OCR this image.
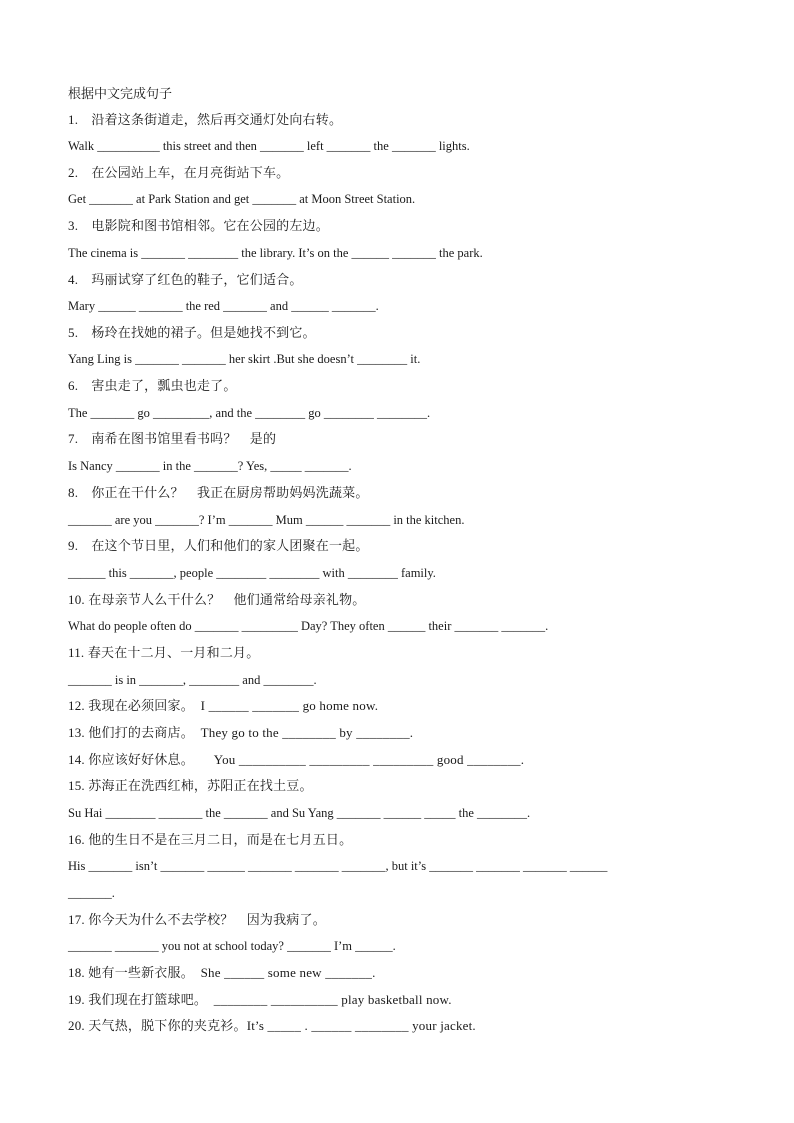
根据中文完成句子
1.　沿着这条街道走，然后再交通灯处向右转。
Walk __________ this street and then _______ left _______ the _______ lights.
2.　在公园站上车，在月亮街站下车。
Get _______ at Park Station and get _______ at Moon Street Station.
3.　电影院和图书馆相邻。它在公园的左边。
The cinema is _______ ________ the library. It’s on the ______ _______ the park.
4.　玛丽试穿了红色的鞋子，它们适合。
Mary ______ _______ the red _______ and ______ _______.
5.　杨玲在找她的裙子。但是她找不到它。
Yang Ling is _______ _______ her skirt .But she doesn’t ________ it.
6.　害虫走了，瓢虫也走了。
The _______ go _________, and the ________ go ________ ________.
7.　南希在图书馆里看书吗？　是的
Is Nancy _______ in the _______? Yes, _____ _______.
8.　你正在干什么？　我正在厨房帮助妈妈洗蔬菜。
_______ are you _______? I’m _______ Mum ______ _______ in the kitchen.
9.　在这个节日里，人们和他们的家人团聚在一起。
______ this _______, people ________ ________ with ________ family.
10. 在母亲节人么干什么？　他们通常给母亲礼物。
What do people often do _______ _________ Day? They often ______ their _______ _______.
11. 春天在十二月、一月和二月。
_______ is in _______, ________ and ________.
12. 我现在必须回家。　I ______ _______ go home now.
13. 他们打的去商店。　They go to the ________ by ________.
14. 你应该好好休息。　　You __________ _________ _________ good ________.
15. 苏海正在洗西红柿，苏阳正在找土豆。
Su Hai ________ _______ the _______ and Su Yang _______ ______ _____ the ________.
16. 他的生日不是在三月二日，而是在七月五日。
His _______ isn’t _______ ______ _______ _______ _______, but it’s _______ _______ _______ ______
_______.
17. 你今天为什么不去学校？　因为我病了。
_______ _______ you not at school today? _______ I’m ______.
18. 她有一些新衣服。　She ______ some new _______.
19. 我们现在打篮球吧。　________ __________ play basketball now.
20. 天气热，脱下你的夹克衫。It’s _____ . ______ ________ your jacket.
